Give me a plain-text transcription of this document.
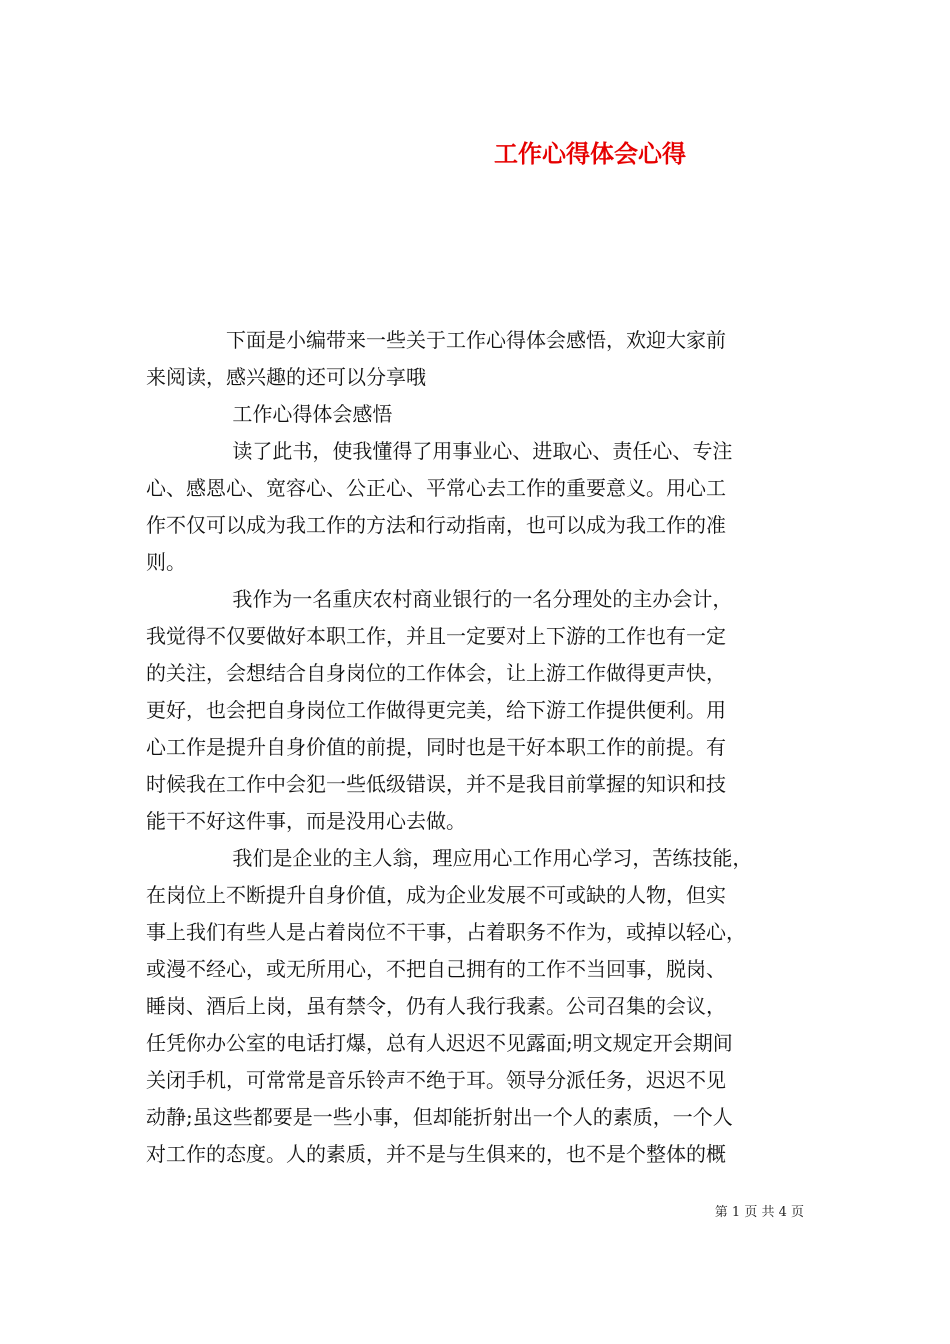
工作心得体会心得

　　　　下面是小编带来一些关于工作心得体会感悟，欢迎大家前

来阅读，感兴趣的还可以分享哦

　　　　 工作心得体会感悟

　　　　 读了此书，使我懂得了用事业心、进取心、责任心、专注

心、感恩心、宽容心、公正心、平常心去工作的重要意义。用心工

作不仅可以成为我工作的方法和行动指南，也可以成为我工作的准

则。

　　　　 我作为一名重庆农村商业银行的一名分理处的主办会计，

我觉得不仅要做好本职工作，并且一定要对上下游的工作也有一定

的关注，会想结合自身岗位的工作体会，让上游工作做得更声快，

更好，也会把自身岗位工作做得更完美，给下游工作提供便利。用

心工作是提升自身价值的前提，同时也是干好本职工作的前提。有

时候我在工作中会犯一些低级错误，并不是我目前掌握的知识和技

能干不好这件事，而是没用心去做。

　　　　 我们是企业的主人翁，理应用心工作用心学习，苦练技能，

在岗位上不断提升自身价值，成为企业发展不可或缺的人物，但实

事上我们有些人是占着岗位不干事，占着职务不作为，或掉以轻心，

或漫不经心，或无所用心，不把自己拥有的工作不当回事，脱岗、

睡岗、酒后上岗，虽有禁令，仍有人我行我素。公司召集的会议，

任凭你办公室的电话打爆，总有人迟迟不见露面;明文规定开会期间

关闭手机，可常常是音乐铃声不绝于耳。领导分派任务，迟迟不见

动静;虽这些都要是一些小事，但却能折射出一个人的素质，一个人

对工作的态度。人的素质，并不是与生俱来的，也不是个整体的概

第 1 页 共 4 页
